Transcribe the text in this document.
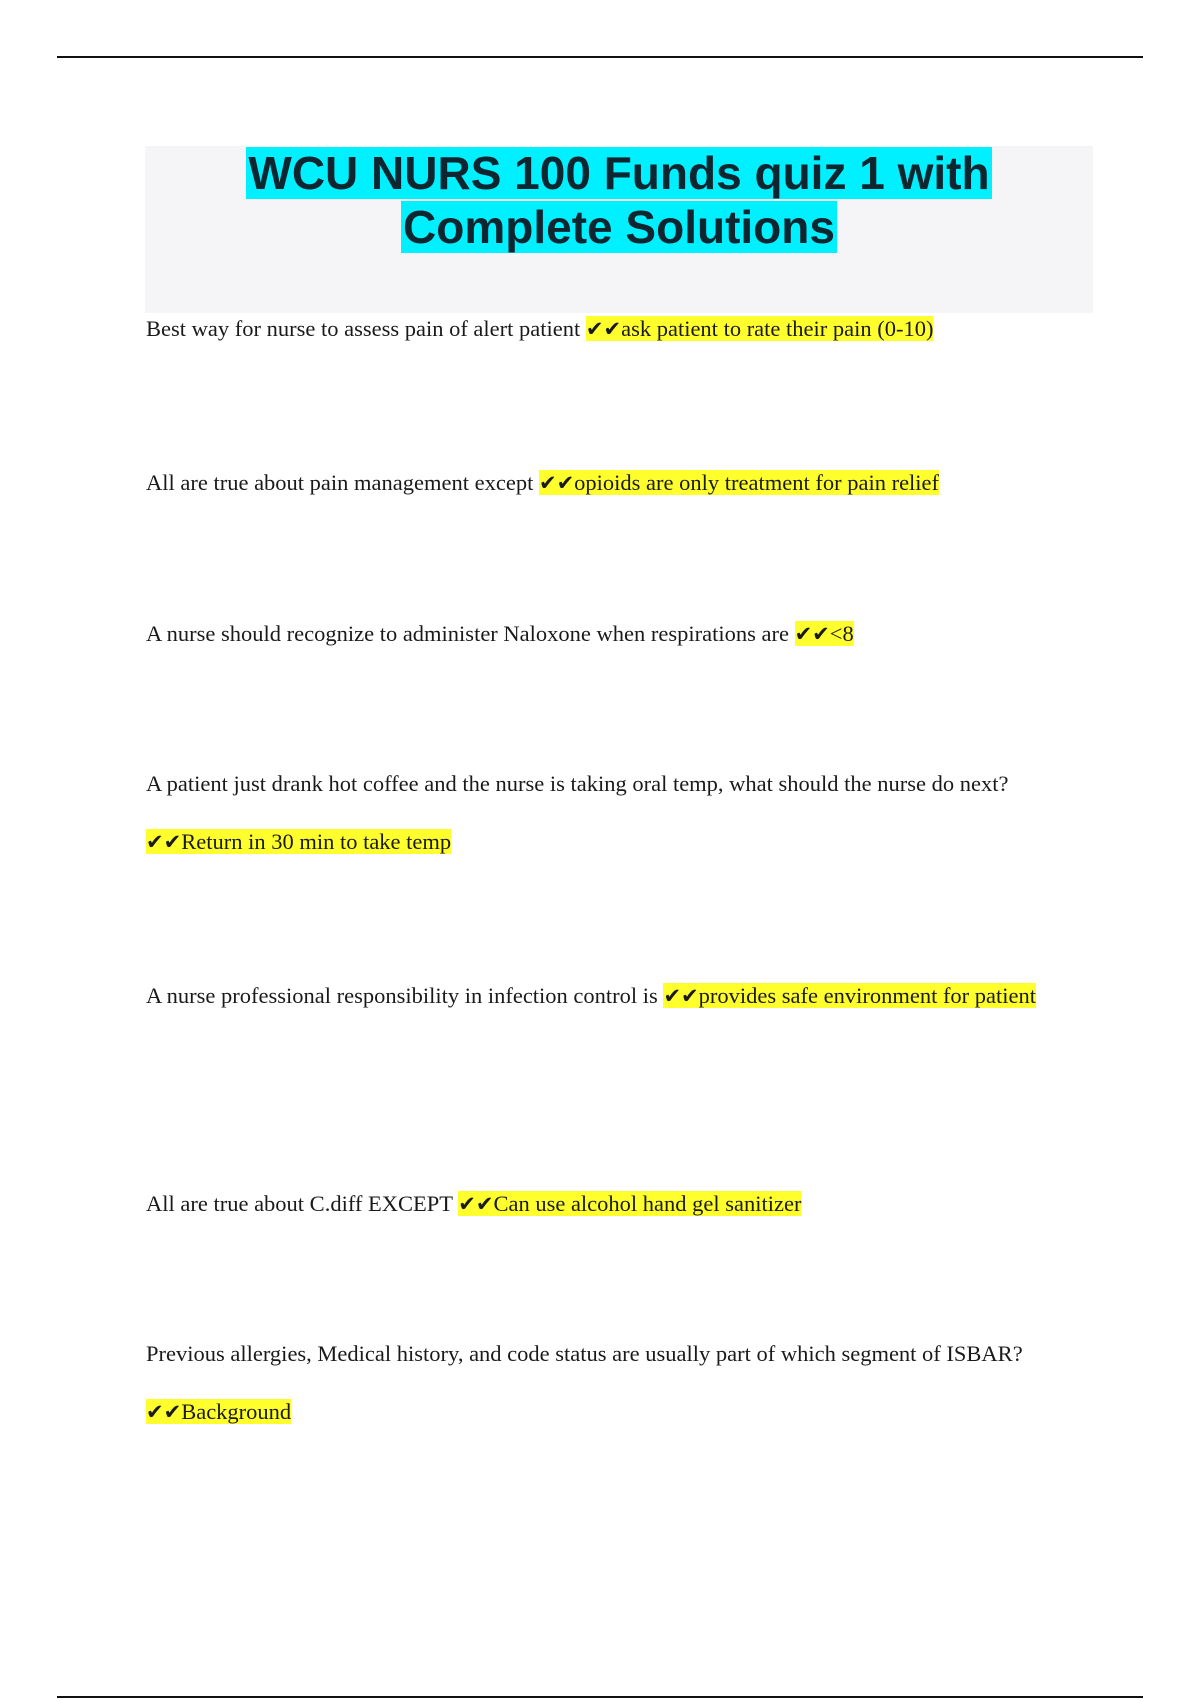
WCU NURS 100 Funds quiz 1 with
Complete Solutions

Best way for nurse to assess pain of alert patient ✔✔ask patient to rate their pain (0-10)

All are true about pain management except ✔✔opioids are only treatment for pain relief

A nurse should recognize to administer Naloxone when respirations are ✔✔<8

A patient just drank hot coffee and the nurse is taking oral temp, what should the nurse do next? ✔✔Return in 30 min to take temp

A nurse professional responsibility in infection control is ✔✔provides safe environment for patient

All are true about C.diff EXCEPT ✔✔Can use alcohol hand gel sanitizer

Previous allergies, Medical history, and code status are usually part of which segment of ISBAR? ✔✔Background
